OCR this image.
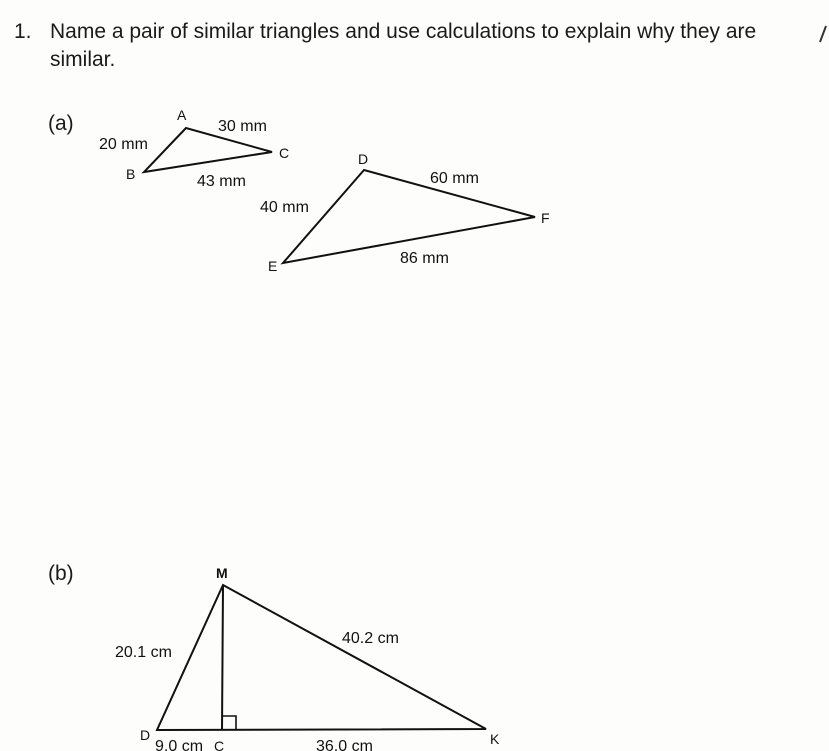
1. Name a pair of similar triangles and use calculations to explain why they are similar.
(a)
(b)
A
B
C
20 mm
30 mm
43 mm
D
E
F
40 mm
60 mm
86 mm
M
D
C	K
20.1 cm
40.2 cm
9.0 cm	36.0 cm
